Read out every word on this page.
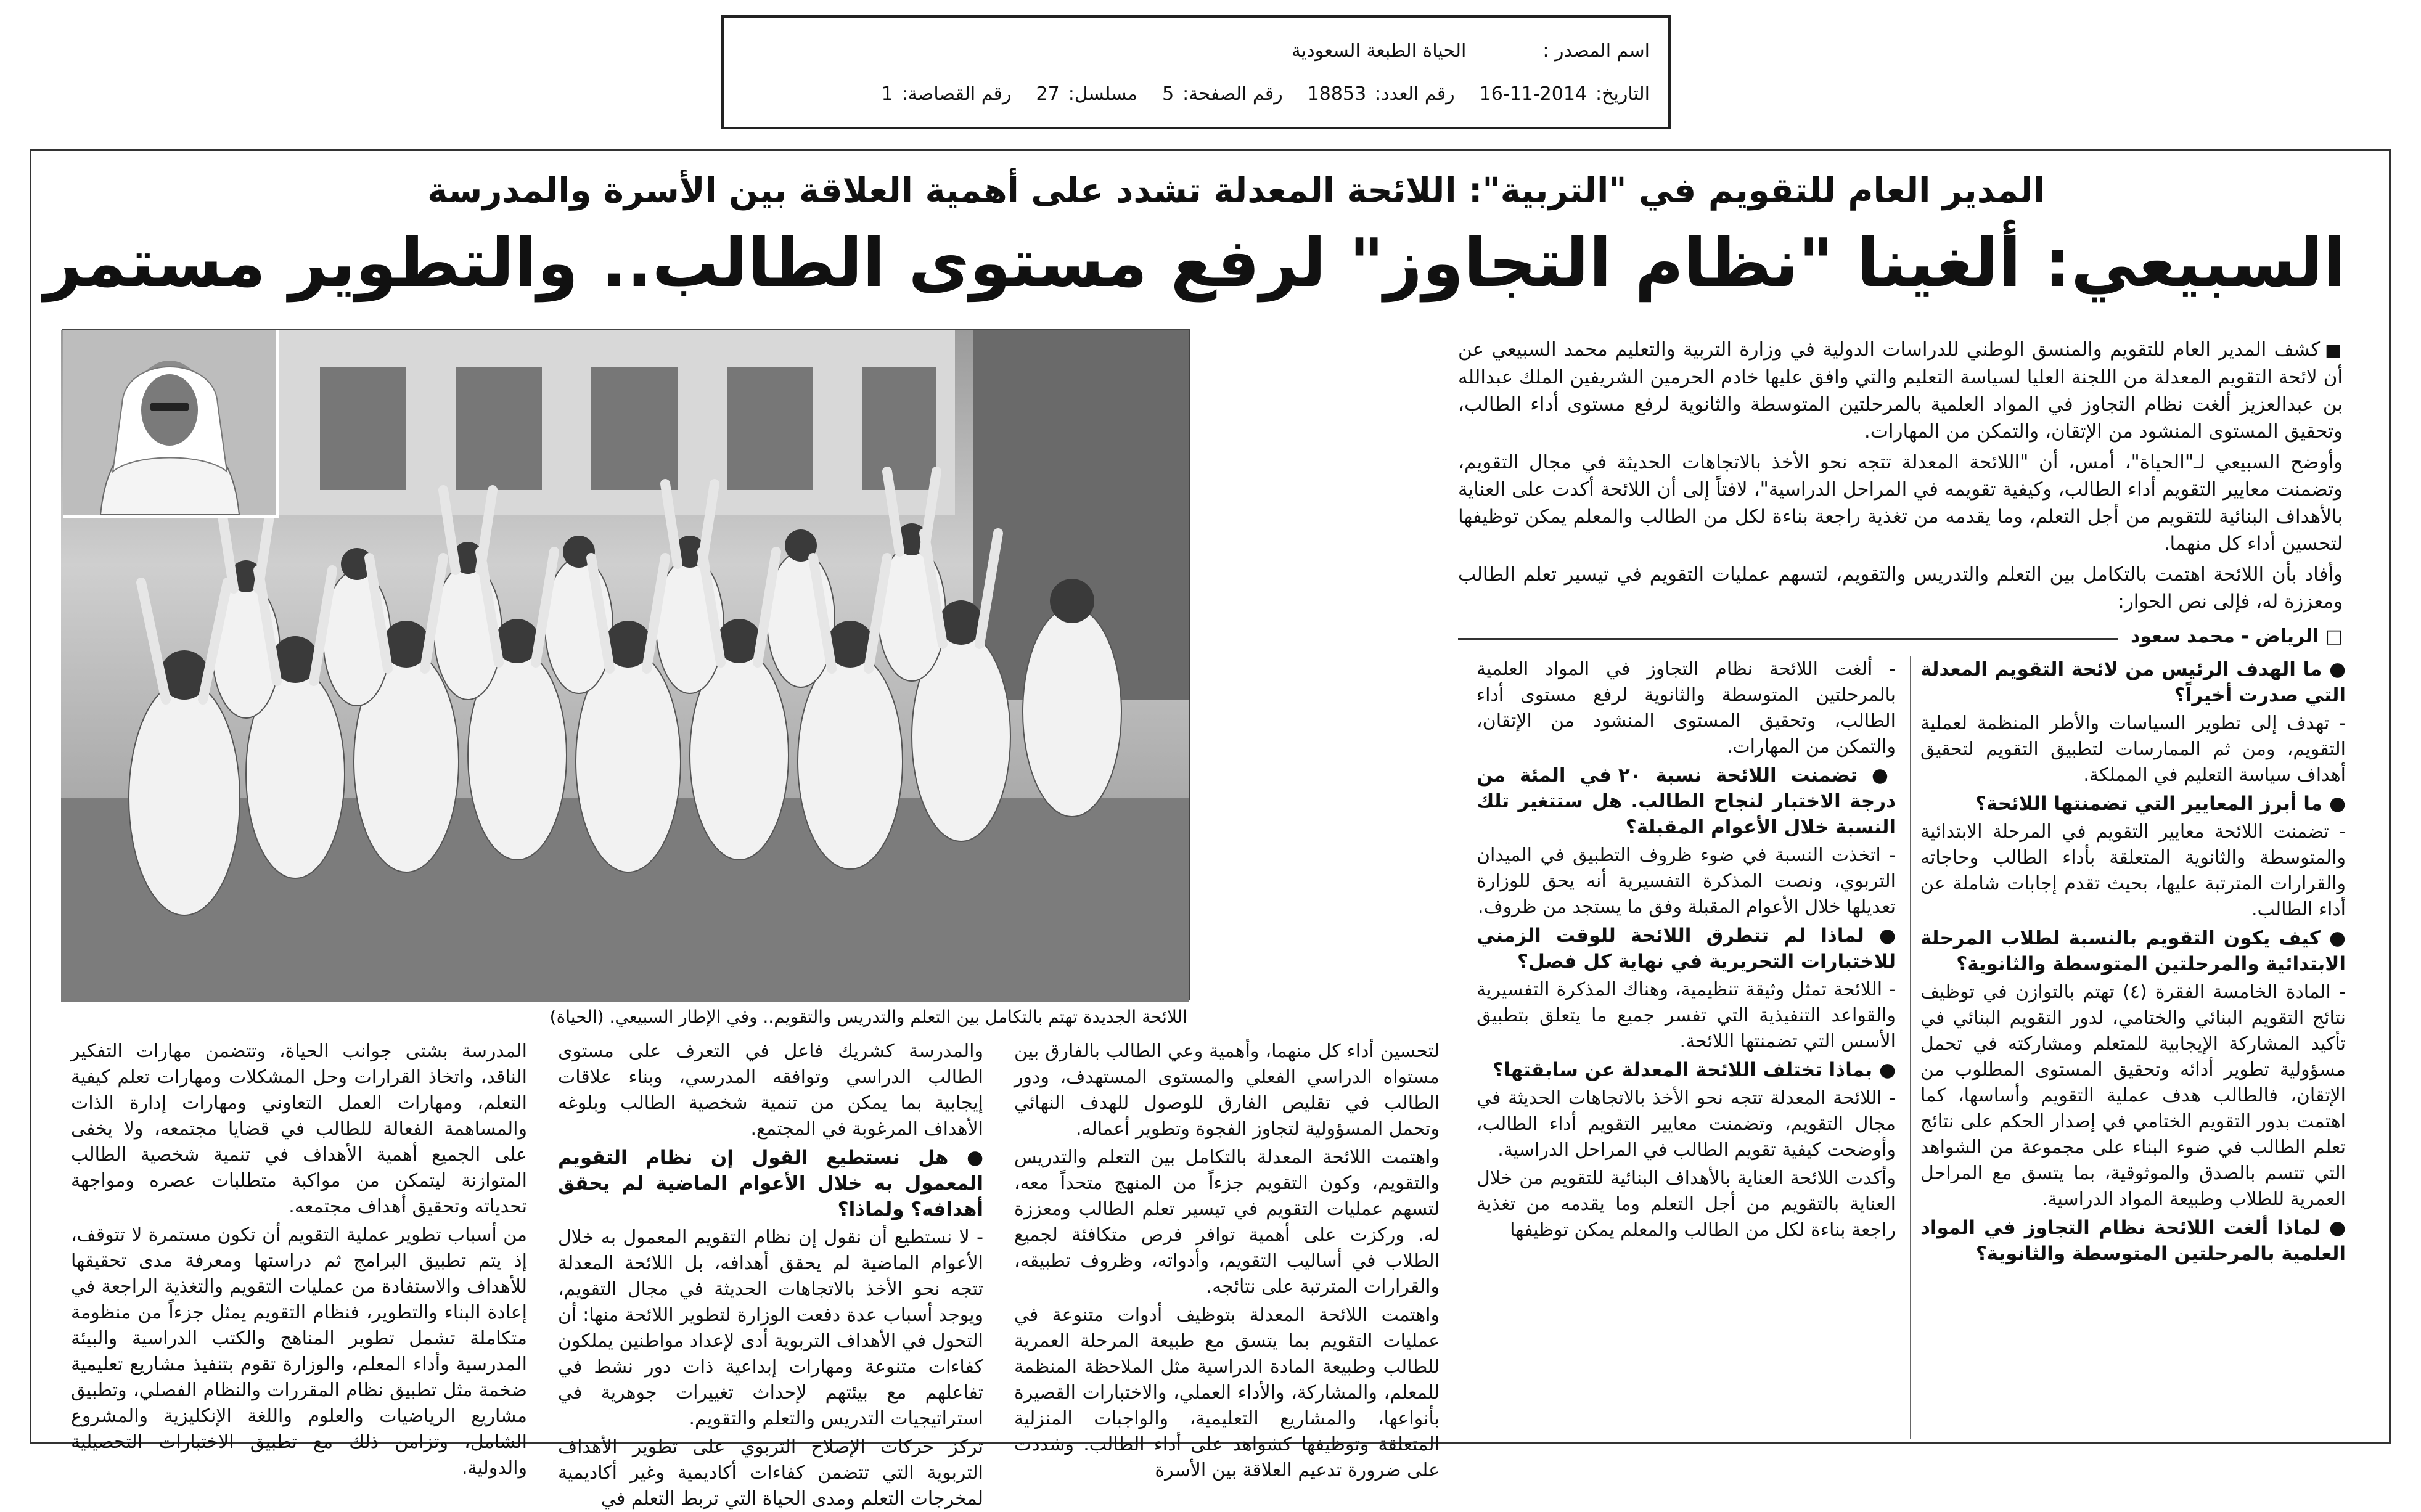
اسم المصدر :
الحياة الطبعة السعودية
التاريخ:
16-11-2014
رقم العدد:
18853
رقم الصفحة:
5
مسلسل:
27
رقم القصاصة:
1
المدير العام للتقويم في "التربية": اللائحة المعدلة تشدد على أهمية العلاقة بين الأسرة والمدرسة
السبيعي: ألغينا "نظام التجاوز" لرفع مستوى الطالب.. والتطوير مستمر
اللائحة الجديدة تهتم بالتكامل بين التعلم والتدريس والتقويم.. وفي الإطار السبيعي. (الحياة)

■كشف المدير العام للتقويم والمنسق الوطني للدراسات الدولية في وزارة التربية والتعليم محمد السبيعي عن أن لائحة التقويم المعدلة من اللجنة العليا لسياسة التعليم والتي وافق عليها خادم الحرمين الشريفين الملك عبدالله بن عبدالعزيز ألغت نظام التجاوز في المواد العلمية بالمرحلتين المتوسطة والثانوية لرفع مستوى أداء الطالب، وتحقيق المستوى المنشود من الإتقان، والتمكن من المهارات.

وأوضح السبيعي لـ"الحياة"، أمس، أن "اللائحة المعدلة تتجه نحو الأخذ بالاتجاهات الحديثة في مجال التقويم، وتضمنت معايير التقويم أداء الطالب، وكيفية تقويمه في المراحل الدراسية"، لافتاً إلى أن اللائحة أكدت على العناية بالأهداف البنائية للتقويم من أجل التعلم، وما يقدمه من تغذية راجعة بناءة لكل من الطالب والمعلم يمكن توظيفها لتحسين أداء كل منهما.

وأفاد بأن اللائحة اهتمت بالتكامل بين التعلم والتدريس والتقويم، لتسهم عمليات التقويم في تيسير تعلم الطالب ومعززة له، فإلى نص الحوار:

□ الرياض - محمد سعود

● ما الهدف الرئيس من لائحة التقويم المعدلة التي صدرت أخيراً؟

- تهدف إلى تطوير السياسات والأطر المنظمة لعملية التقويم، ومن ثم الممارسات لتطبيق التقويم لتحقيق أهداف سياسة التعليم في المملكة.

● ما أبرز المعايير التي تضمنتها اللائحة؟

- تضمنت اللائحة معايير التقويم في المرحلة الابتدائية والمتوسطة والثانوية المتعلقة بأداء الطالب وحاجاته والقرارات المترتبة عليها، بحيث تقدم إجابات شاملة عن أداء الطالب.

● كيف يكون التقويم بالنسبة لطلاب المرحلة الابتدائية والمرحلتين المتوسطة والثانوية؟

- المادة الخامسة الفقرة (٤) تهتم بالتوازن في توظيف نتائج التقويم البنائي والختامي، لدور التقويم البنائي في تأكيد المشاركة الإيجابية للمتعلم ومشاركته في تحمل مسؤولية تطوير أدائه وتحقيق المستوى المطلوب من الإتقان، فالطالب هدف عملية التقويم وأساسها، كما اهتمت بدور التقويم الختامي في إصدار الحكم على نتائج تعلم الطالب في ضوء البناء على مجموعة من الشواهد التي تتسم بالصدق والموثوقية، بما يتسق مع المراحل العمرية للطلاب وطبيعة المواد الدراسية.

● لماذا ألغت اللائحة نظام التجاوز في المواد العلمية بالمرحلتين المتوسطة والثانوية؟

- ألغت اللائحة نظام التجاوز في المواد العلمية بالمرحلتين المتوسطة والثانوية لرفع مستوى أداء الطالب، وتحقيق المستوى المنشود من الإتقان، والتمكن من المهارات.

● تضمنت اللائحة نسبة ٢٠ في المئة من درجة الاختبار لنجاح الطالب. هل ستتغير تلك النسبة خلال الأعوام المقبلة؟

- اتخذت النسبة في ضوء ظروف التطبيق في الميدان التربوي، ونصت المذكرة التفسيرية أنه يحق للوزارة تعديلها خلال الأعوام المقبلة وفق ما يستجد من ظروف.

● لماذا لم تتطرق اللائحة للوقت الزمني للاختبارات التحريرية في نهاية كل فصل؟

- اللائحة تمثل وثيقة تنظيمية، وهناك المذكرة التفسيرية والقواعد التنفيذية التي تفسر جميع ما يتعلق بتطبيق الأسس التي تضمنتها اللائحة.

● بماذا تختلف اللائحة المعدلة عن سابقتها؟

- اللائحة المعدلة تتجه نحو الأخذ بالاتجاهات الحديثة في مجال التقويم، وتضمنت معايير التقويم أداء الطالب، وأوضحت كيفية تقويم الطالب في المراحل الدراسية.

وأكدت اللائحة العناية بالأهداف البنائية للتقويم من خلال العناية بالتقويم من أجل التعلم وما يقدمه من تغذية راجعة بناءة لكل من الطالب والمعلم يمكن توظيفها

لتحسين أداء كل منهما، وأهمية وعي الطالب بالفارق بين مستواه الدراسي الفعلي والمستوى المستهدف، ودور الطالب في تقليص الفارق للوصول للهدف النهائي وتحمل المسؤولية لتجاوز الفجوة وتطوير أعماله.

واهتمت اللائحة المعدلة بالتكامل بين التعلم والتدريس والتقويم، وكون التقويم جزءاً من المنهج متحداً معه، لتسهم عمليات التقويم في تيسير تعلم الطالب ومعززة له. وركزت على أهمية توافر فرص متكافئة لجميع الطلاب في أساليب التقويم، وأدواته، وظروف تطبيقه، والقرارات المترتبة على نتائجه.

واهتمت اللائحة المعدلة بتوظيف أدوات متنوعة في عمليات التقويم بما يتسق مع طبيعة المرحلة العمرية للطالب وطبيعة المادة الدراسية مثل الملاحظة المنظمة للمعلم، والمشاركة، والأداء العملي، والاختبارات القصيرة بأنواعها، والمشاريع التعليمية، والواجبات المنزلية المتعلقة وتوظيفها كشواهد على أداء الطالب. وشددت على ضرورة تدعيم العلاقة بين الأسرة

والمدرسة كشريك فاعل في التعرف على مستوى الطالب الدراسي وتوافقه المدرسي، وبناء علاقات إيجابية بما يمكن من تنمية شخصية الطالب وبلوغه الأهداف المرغوبة في المجتمع.

● هل نستطيع القول إن نظام التقويم المعمول به خلال الأعوام الماضية لم يحقق أهدافه؟ ولماذا؟

- لا نستطيع أن نقول إن نظام التقويم المعمول به خلال الأعوام الماضية لم يحقق أهدافه، بل اللائحة المعدلة تتجه نحو الأخذ بالاتجاهات الحديثة في مجال التقويم، ويوجد أسباب عدة دفعت الوزارة لتطوير اللائحة منها: أن التحول في الأهداف التربوية أدى لإعداد مواطنين يملكون كفاءات متنوعة ومهارات إبداعية ذات دور نشط في تفاعلهم مع بيئتهم لإحداث تغييرات جوهرية في استراتيجيات التدريس والتعلم والتقويم.

تركز حركات الإصلاح التربوي على تطوير الأهداف التربوية التي تتضمن كفاءات أكاديمية وغير أكاديمية لمخرجات التعلم ومدى الحياة التي تربط التعلم في

المدرسة بشتى جوانب الحياة، وتتضمن مهارات التفكير الناقد، واتخاذ القرارات وحل المشكلات ومهارات تعلم كيفية التعلم، ومهارات العمل التعاوني ومهارات إدارة الذات والمساهمة الفعالة للطالب في قضايا مجتمعه، ولا يخفى على الجميع أهمية الأهداف في تنمية شخصية الطالب المتوازنة ليتمكن من مواكبة متطلبات عصره ومواجهة تحدياته وتحقيق أهداف مجتمعه.

من أسباب تطوير عملية التقويم أن تكون مستمرة لا تتوقف، إذ يتم تطبيق البرامج ثم دراستها ومعرفة مدى تحقيقها للأهداف والاستفادة من عمليات التقويم والتغذية الراجعة في إعادة البناء والتطوير، فنظام التقويم يمثل جزءاً من منظومة متكاملة تشمل تطوير المناهج والكتب الدراسية والبيئة المدرسية وأداء المعلم، والوزارة تقوم بتنفيذ مشاريع تعليمية ضخمة مثل تطبيق نظام المقررات والنظام الفصلي، وتطبيق مشاريع الرياضيات والعلوم واللغة الإنكليزية والمشروع الشامل، وتزامن ذلك مع تطبيق الاختبارات التحصيلية والدولية.
